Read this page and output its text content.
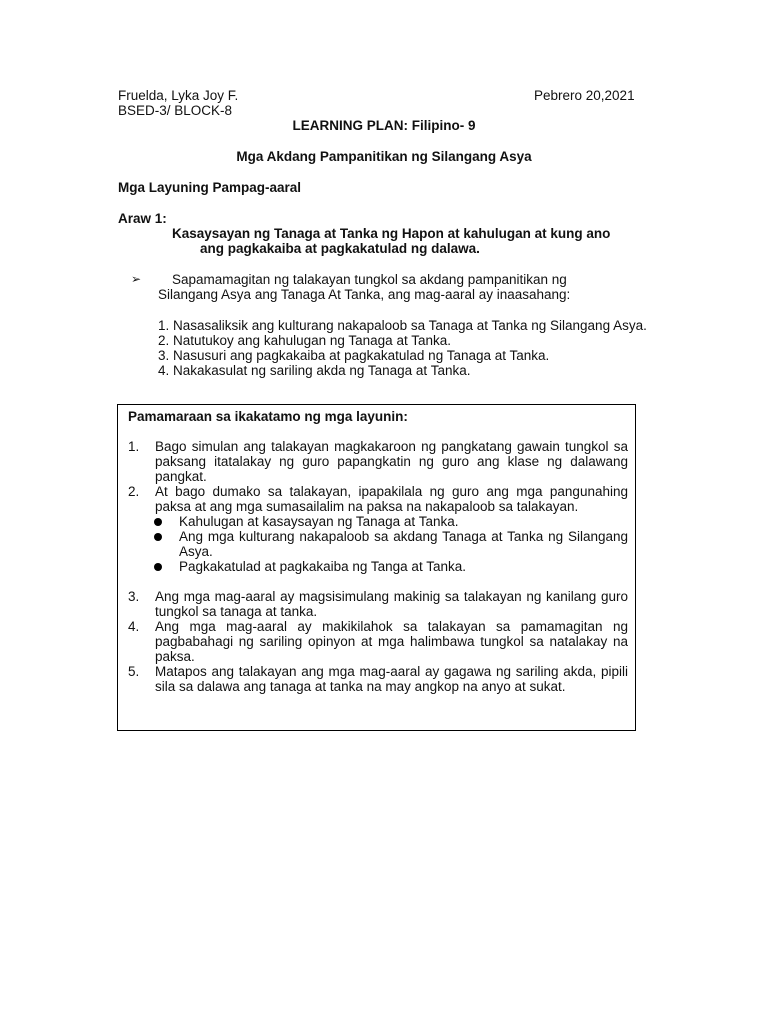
Fruelda, Lyka Joy F.	Pebrero 20,2021
BSED-3/ BLOCK-8
LEARNING PLAN: Filipino- 9
Mga Akdang Pampanitikan ng Silangang Asya
Mga Layuning Pampag-aaral
Araw 1:
Kasaysayan ng Tanaga at Tanka ng Hapon at kahulugan at kung ano
ang pagkakaiba at pagkakatulad ng dalawa.
➢ Sapamamagitan ng talakayan tungkol sa akdang pampanitikan ng
Silangang Asya ang Tanaga At Tanka, ang mag-aaral ay inaasahang:
1. Nasasaliksik ang kulturang nakapaloob sa Tanaga at Tanka ng Silangang Asya.
2. Natutukoy ang kahulugan ng Tanaga at Tanka.
3. Nasusuri ang pagkakaiba at pagkakatulad ng Tanaga at Tanka.
4. Nakakasulat ng sariling akda ng Tanaga at Tanka.
Pamamaraan sa ikakatamo ng mga layunin:
1. Bago simulan ang talakayan magkakaroon ng pangkatang gawain tungkol sa paksang itatalakay ng guro papangkatin ng guro ang klase ng dalawang pangkat.
2. At bago dumako sa talakayan, ipapakilala ng guro ang mga pangunahing paksa at ang mga sumasailalim na paksa na nakapaloob sa talakayan.
Kahulugan at kasaysayan ng Tanaga at Tanka.
Ang mga kulturang nakapaloob sa akdang Tanaga at Tanka ng Silangang Asya.
Pagkakatulad at pagkakaiba ng Tanga at Tanka.
3. Ang mga mag-aaral ay magsisimulang makinig sa talakayan ng kanilang guro tungkol sa tanaga at tanka.
4. Ang mga mag-aaral ay makikilahok sa talakayan sa pamamagitan ng pagbabahagi ng sariling opinyon at mga halimbawa tungkol sa natalakay na paksa.
5. Matapos ang talakayan ang mga mag-aaral ay gagawa ng sariling akda, pipili sila sa dalawa ang tanaga at tanka na may angkop na anyo at sukat.
